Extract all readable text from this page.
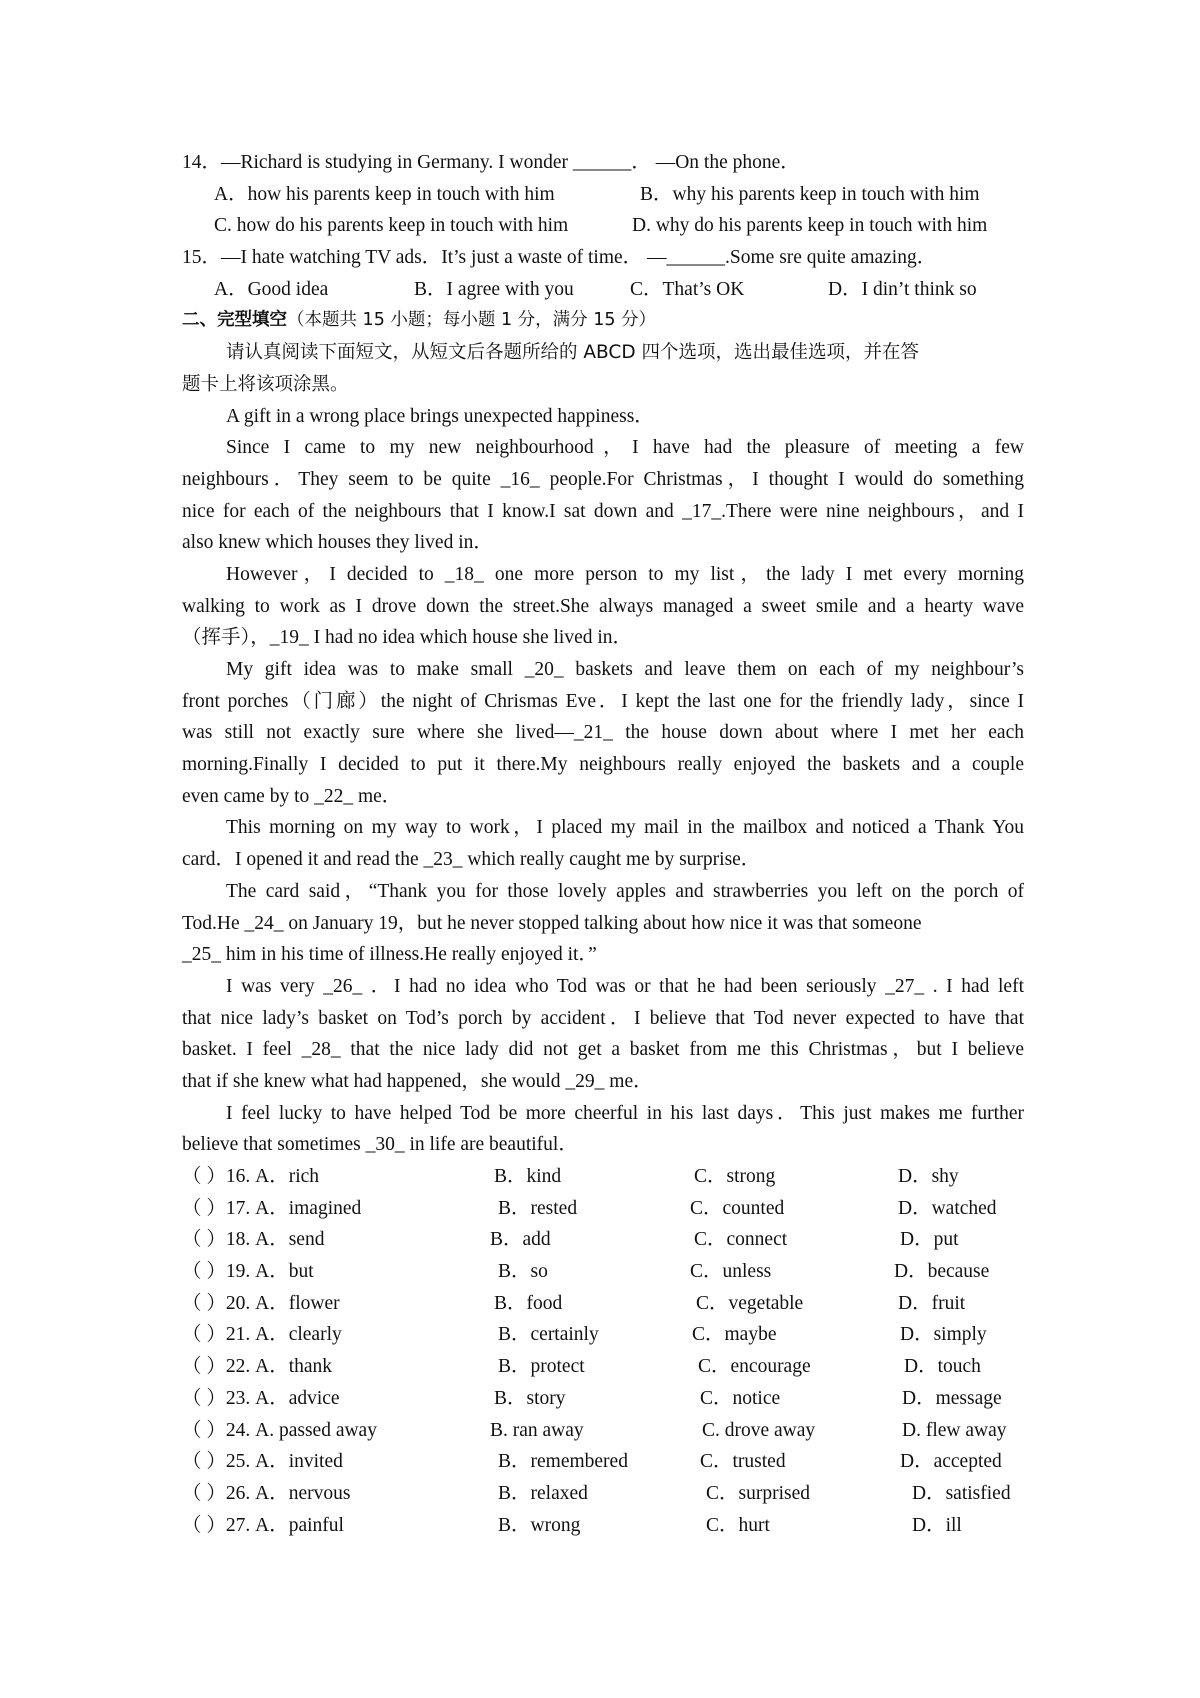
14．—Richard is studying in Germany. I wonder ______． —On the phone．
A．how his parents keep in touch with him	B．why his parents keep in touch with him
C. how do his parents keep in touch with him	D. why do his parents keep in touch with him
15．—I hate watching TV ads．It’s just a waste of time． —______.Some sre quite amazing．
A．Good idea	B．I agree with you	C．That’s OK	D．I din’t think so
二、完型填空（本题共 15 小题；每小题 1 分，满分 15 分）
请认真阅读下面短文，从短文后各题所给的 ABCD 四个选项，选出最佳选项，并在答
题卡上将该项涂黑。
A gift in a wrong place brings unexpected happiness．
Since I came to my new neighbourhood，I have had the pleasure of meeting a few
neighbours．They seem to be quite _16_ people.For Christmas，I thought I would do something
nice for each of the neighbours that I know.I sat down and _17_.There were nine neighbours，and I
also knew which houses they lived in．
However，I decided to _18_ one more person to my list，the lady I met every morning
walking to work as I drove down the street.She always managed a sweet smile and a hearty wave
（挥手），_19_ I had no idea which house she lived in．
My gift idea was to make small _20_ baskets and leave them on each of my neighbour’s
front porches（门廊）the night of Chrismas Eve．I kept the last one for the friendly lady，since I
was still not exactly sure where she lived—_21_ the house down about where I met her each
morning.Finally I decided to put it there.My neighbours really enjoyed the baskets and a couple
even came by to _22_ me．
This morning on my way to work，I placed my mail in the mailbox and noticed a Thank You
card．I opened it and read the _23_ which really caught me by surprise．
The card said，“Thank you for those lovely apples and strawberries you left on the porch of
Tod.He _24_ on January 19，but he never stopped talking about how nice it was that someone
_25_ him in his time of illness.He really enjoyed it．”
I was very _26_ ．I had no idea who Tod was or that he had been seriously _27_ . I had left
that nice lady’s basket on Tod’s porch by accident．I believe that Tod never expected to have that
basket. I feel _28_ that the nice lady did not get a basket from me this Christmas，but I believe
that if she knew what had happened，she would _29_ me．
I feel lucky to have helped Tod be more cheerful in his last days．This just makes me further
believe that sometimes _30_ in life are beautiful．
（ ）16. A．rich	B．kind	C．strong	D．shy
（ ）17. A．imagined	B．rested	C．counted	D．watched
（ ）18. A．send	B．add	C．connect	D．put
（ ）19. A．but	B．so	C．unless	D．because
（ ）20. A．flower	B．food	C．vegetable	D．fruit
（ ）21. A．clearly	B．certainly	C．maybe	D．simply
（ ）22. A．thank	B．protect	C．encourage	D．touch
（ ）23. A．advice	B．story	C．notice	D．message
（ ）24. A. passed away	B. ran away	C. drove away	D. flew away
（ ）25. A．invited	B．remembered	C．trusted	D．accepted
（ ）26. A．nervous	B．relaxed	C．surprised	D．satisfied
（ ）27. A．painful	B．wrong	C．hurt	D．ill
